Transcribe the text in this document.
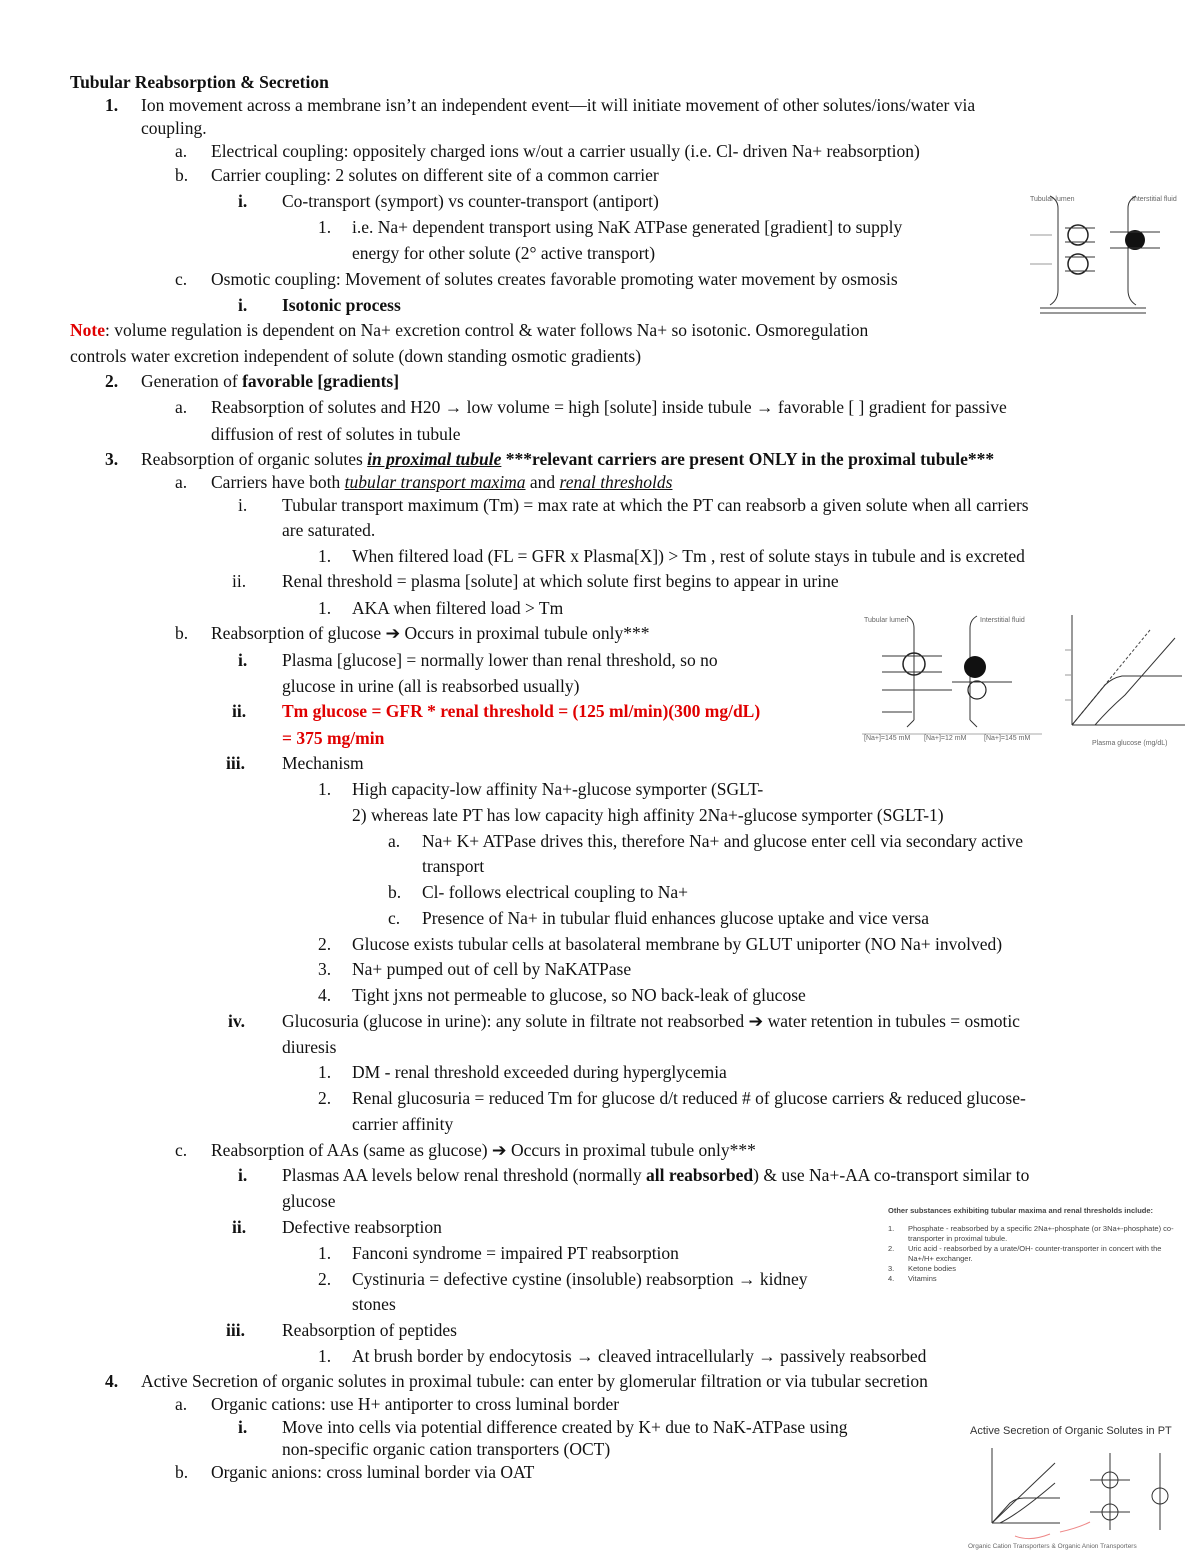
Tubular Reabsorption & Secretion
1. Ion movement across a membrane isn’t an independent event—it will initiate movement of other solutes/ions/water via
coupling.
a. Electrical coupling: oppositely charged ions w/out a carrier usually (i.e. Cl- driven Na+ reabsorption)
b. Carrier coupling: 2 solutes on different site of a common carrier
i. Co-transport (symport) vs counter-transport (antiport)
1. i.e. Na+ dependent transport using NaK ATPase generated [gradient] to supply
energy for other solute (2° active transport)
c. Osmotic coupling: Movement of solutes creates favorable promoting water movement by osmosis
i. Isotonic process
Note: volume regulation is dependent on Na+ excretion control & water follows Na+ so isotonic. Osmoregulation
controls water excretion independent of solute (down standing osmotic gradients)
2. Generation of favorable [gradients]
a. Reabsorption of solutes and H20 → low volume = high [solute] inside tubule → favorable [ ] gradient for passive
diffusion of rest of solutes in tubule
3. Reabsorption of organic solutes in proximal tubule ***relevant carriers are present ONLY in the proximal tubule***
a. Carriers have both tubular transport maxima and renal thresholds
i. Tubular transport maximum (Tm) = max rate at which the PT can reabsorb a given solute when all carriers
are saturated.
1. When filtered load (FL = GFR x Plasma[X]) > Tm , rest of solute stays in tubule and is excreted
ii. Renal threshold = plasma [solute] at which solute first begins to appear in urine
1. AKA when filtered load > Tm
b. Reabsorption of glucose ➔ Occurs in proximal tubule only***
i. Plasma [glucose] = normally lower than renal threshold, so no
glucose in urine (all is reabsorbed usually)
ii. Tm glucose = GFR * renal threshold = (125 ml/min)(300 mg/dL)
= 375 mg/min
iii. Mechanism
1. High capacity-low affinity Na+-glucose symporter (SGLT-
2) whereas late PT has low capacity high affinity 2Na+-glucose symporter (SGLT-1)
a. Na+ K+ ATPase drives this, therefore Na+ and glucose enter cell via secondary active
transport
b. Cl- follows electrical coupling to Na+
c. Presence of Na+ in tubular fluid enhances glucose uptake and vice versa
2. Glucose exists tubular cells at basolateral membrane by GLUT uniporter (NO Na+ involved)
3. Na+ pumped out of cell by NaKATPase
4. Tight jxns not permeable to glucose, so NO back-leak of glucose
iv. Glucosuria (glucose in urine): any solute in filtrate not reabsorbed ➔ water retention in tubules = osmotic
diuresis
1. DM - renal threshold exceeded during hyperglycemia
2. Renal glucosuria = reduced Tm for glucose d/t reduced # of glucose carriers & reduced glucose-
carrier affinity
c. Reabsorption of AAs (same as glucose) ➔ Occurs in proximal tubule only***
i. Plasmas AA levels below renal threshold (normally all reabsorbed) & use Na+-AA co-transport similar to
glucose
ii. Defective reabsorption
1. Fanconi syndrome = impaired PT reabsorption
2. Cystinuria = defective cystine (insoluble) reabsorption → kidney
stones
iii. Reabsorption of peptides
1. At brush border by endocytosis → cleaved intracellularly → passively reabsorbed
4. Active Secretion of organic solutes in proximal tubule: can enter by glomerular filtration or via tubular secretion
a. Organic cations: use H+ antiporter to cross luminal border
i. Move into cells via potential difference created by K+ due to NaK-ATPase using
non-specific organic cation transporters (OCT)
b. Organic anions: cross luminal border via OAT
Tubular lumen	Interstitial fluid
Tubular lumen	Interstitial fluid
[Na+]=145 mM [Na+]=12 mM	[Na+]=145 mM
Plasma glucose (mg/dL)
Other substances exhibiting tubular maxima and renal thresholds include:
1.	Phosphate - reabsorbed by a specific 2Na+-phosphate (or 3Na+-phosphate) co-transporter in proximal tubule.
2.	Uric acid - reabsorbed by a urate/OH- counter-transporter in concert with the Na+/H+ exchanger.
3.	Ketone bodies
4.	Vitamins
Active Secretion of Organic Solutes in PT
Organic Cation Transporters & Organic Anion Transporters
